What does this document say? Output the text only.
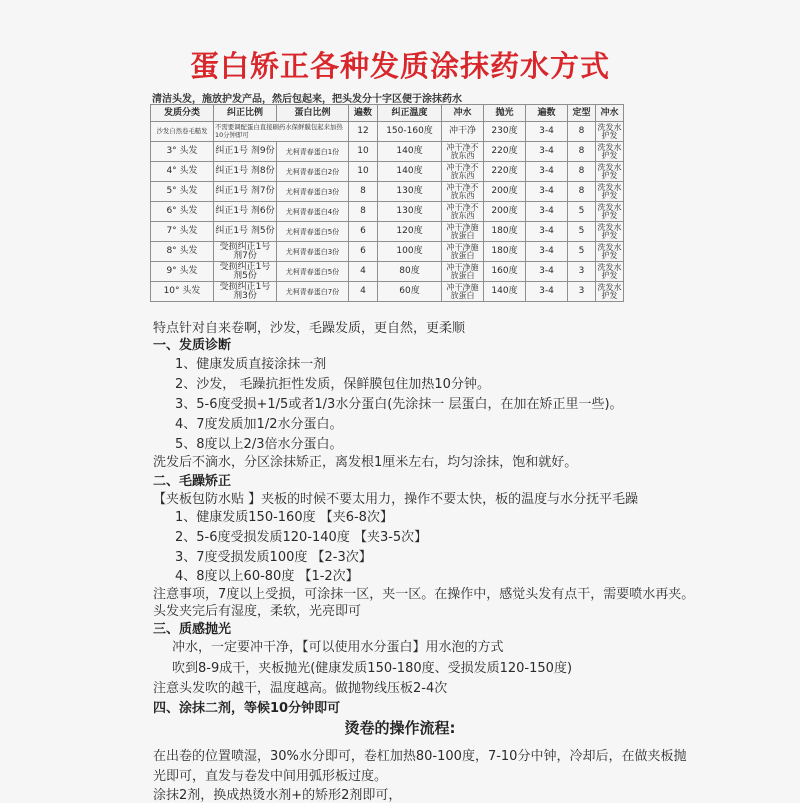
蛋白矫正各种发质涂抹药水方式
清洁头发，施放护发产品，然后包起来，把头发分十字区便于涂抹药水
发质分类	纠正比例	蛋白比例	遍数	纠正温度	冲水	抛光	遍数	定型	冲水
沙发自然卷毛糙发	不需要调配蛋白直接刷药水保鲜膜包起来加热10分钟即可		12	150-160度	冲干净	230度	3-4	8	洗发水护发
3° 头发	纠正1号 剂9份	尤柯青春蛋白1份	10	140度	冲干净不放东西	220度	3-4	8	洗发水护发
4° 头发	纠正1号 剂8份	尤柯青春蛋白2份	10	140度	冲干净不放东西	220度	3-4	8	洗发水护发
5° 头发	纠正1号 剂7份	尤柯青春蛋白3份	8	130度	冲干净不放东西	200度	3-4	8	洗发水护发
6° 头发	纠正1号 剂6份	尤柯青春蛋白4份	8	130度	冲干净不放东西	200度	3-4	5	洗发水护发
7° 头发	纠正1号 剂5份	尤柯青春蛋白5份	6	120度	冲干净施放蛋白	180度	3-4	5	洗发水护发
8° 头发	受损纠正1号 剂7份	尤柯青春蛋白3份	6	100度	冲干净施放蛋白	180度	3-4	5	洗发水护发
9° 头发	受损纠正1号 剂5份	尤柯青春蛋白5份	4	80度	冲干净施放蛋白	160度	3-4	3	洗发水护发
10° 头发	受损纠正1号 剂3份	尤柯青春蛋白7份	4	60度	冲干净施放蛋白	140度	3-4	3	洗发水护发
特点针对自来卷啊，沙发，毛躁发质，更自然，更柔顺
一、发质诊断
1、健康发质直接涂抹一剂
2、沙发， 毛躁抗拒性发质，保鲜膜包住加热10分钟。
3、5-6度受损+1/5或者1/3水分蛋白(先涂抹一 层蛋白，在加在矫正里一些)。
4、7度发质加1/2水分蛋白。
5、8度以上2/3倍水分蛋白。
洗发后不滴水，分区涂抹矫正，离发根1厘米左右，均匀涂抹，饱和就好。
二、毛躁矫正
【夹板包防水贴 】夹板的时候不要太用力，操作不要太快，板的温度与水分抚平毛躁
1、健康发质150-160度 【夹6-8次】
2、5-6度受损发质120-140度 【夹3-5次】
3、7度受损发质100度 【2-3次】
4、8度以上60-80度 【1-2次】
注意事项，7度以上受损，可涂抹一区，夹一区。在操作中，感觉头发有点干，需要喷水再夹。
头发夹完后有湿度，柔软，光亮即可
三、质感抛光
冲水，一定要冲干净，【可以使用水分蛋白】用水泡的方式
吹到8-9成干，夹板抛光(健康发质150-180度、受损发质120-150度)
注意头发吹的越干，温度越高。做抛物线压板2-4次
四、涂抹二剂，等候10分钟即可
烫卷的操作流程:
在出卷的位置喷湿，30%水分即可，卷杠加热80-100度，7-10分中钟，冷却后，在做夹板抛
光即可，直发与卷发中间用弧形板过度。
涂抹2剂，换成热烫水剂+的矫形2剂即可，
